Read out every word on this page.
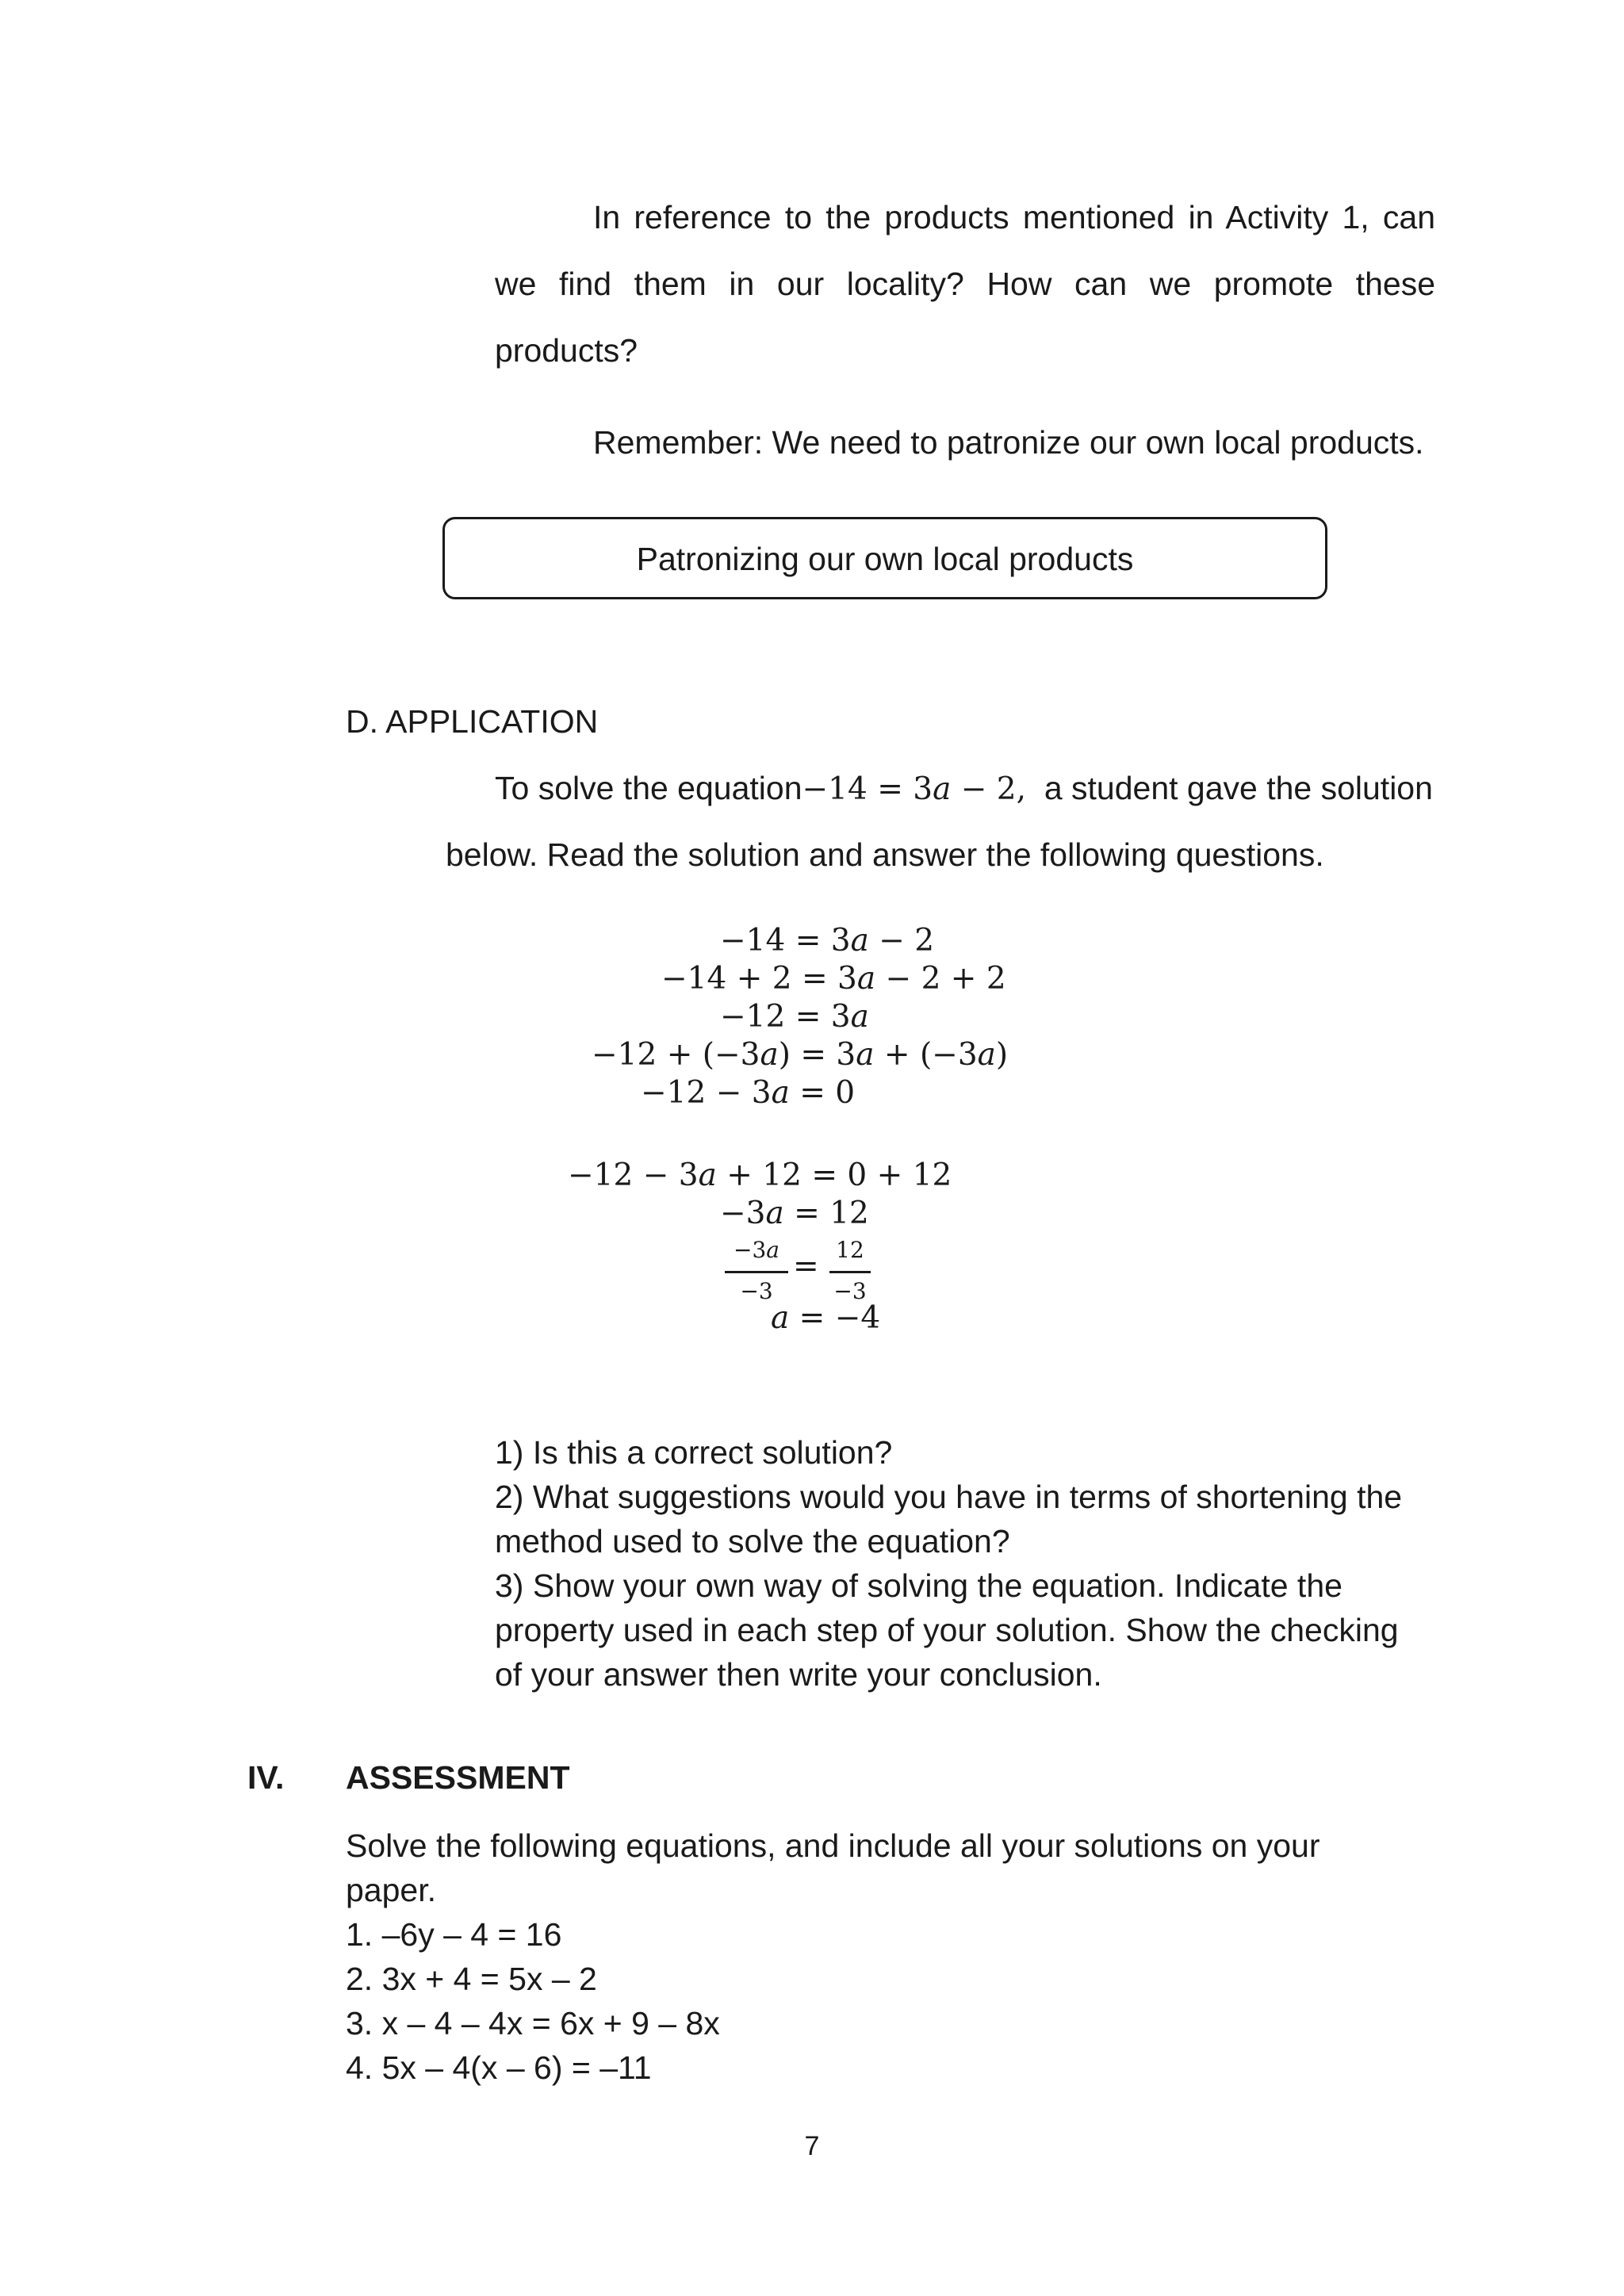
In reference to the products mentioned in Activity 1, can
we find them in our locality? How can we promote these
products?
Remember: We need to patronize our own local products.
Patronizing our own local products
D. APPLICATION
To solve the equation−14 = 3𝑎 − 2, a student gave the solution
below. Read the solution and answer the following questions.
−14 = 3𝑎 − 2
−14 + 2 = 3𝑎 − 2 + 2
−12 = 3𝑎
−12 + (−3𝑎) = 3𝑎 + (−3𝑎)
−12 − 3𝑎 = 0
−12 − 3𝑎 + 12 = 0 + 12
−3𝑎 = 12
−3𝑎
−3
= 12
−3
𝑎 = −4
1) Is this a correct solution?
2) What suggestions would you have in terms of shortening the
method used to solve the equation?
3) Show your own way of solving the equation. Indicate the
property used in each step of your solution. Show the checking
of your answer then write your conclusion.
IV. ASSESSMENT
Solve the following equations, and include all your solutions on your
paper.
1. –6y – 4 = 16
2. 3x + 4 = 5x – 2
3. x – 4 – 4x = 6x + 9 – 8x
4. 5x – 4(x – 6) = –11
7
